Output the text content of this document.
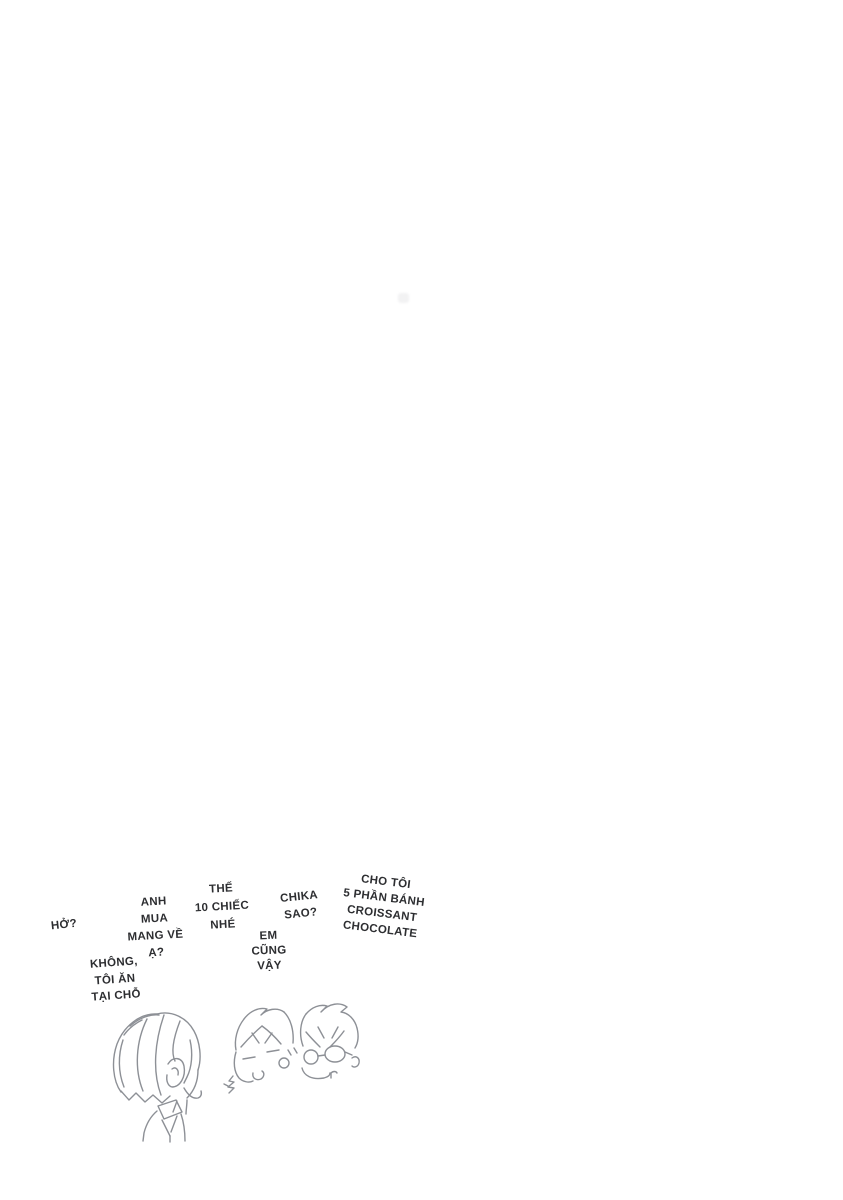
HỞ?
ANH
MUA
MANG VỀ
Ạ?
THẾ
10 CHIẾC
NHÉ
CHIKA
SAO?
EM
CŨNG
VẬY
CHO TÔI
5 PHẦN BÁNH
CROISSANT
CHOCOLATE
KHÔNG,
TÔI ĂN
TẠI CHỖ
